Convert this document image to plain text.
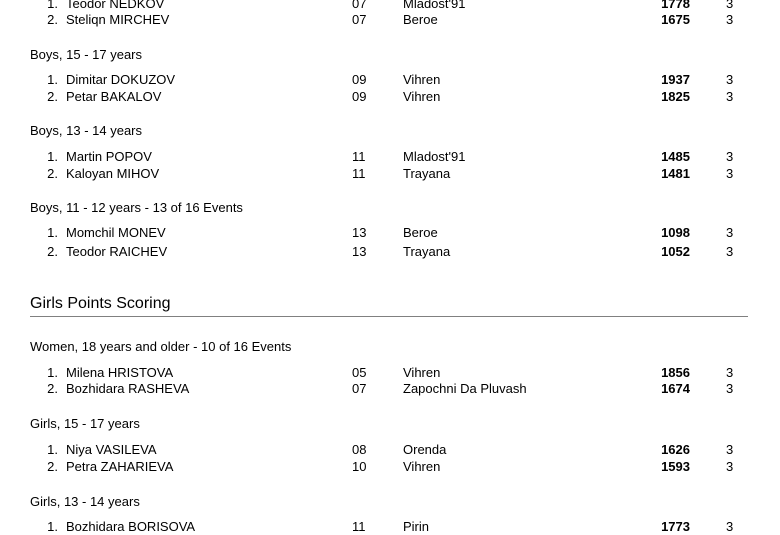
1. Teodor NEDKOV	07	Mladost'91	1778	3
2. Steliqn MIRCHEV	07	Beroe	1675	3
Boys, 15 - 17 years
1. Dimitar DOKUZOV	09	Vihren	1937	3
2. Petar BAKALOV	09	Vihren	1825	3
Boys, 13 - 14 years
1. Martin POPOV	11	Mladost'91	1485	3
2. Kaloyan MIHOV	11	Trayana	1481	3
Boys, 11 - 12 years - 13 of 16 Events
1. Momchil MONEV	13	Beroe	1098	3
2. Teodor RAICHEV	13	Trayana	1052	3
Girls Points Scoring
Women, 18 years and older - 10 of 16 Events
1. Milena HRISTOVA	05	Vihren	1856	3
2. Bozhidara RASHEVA	07	Zapochni Da Pluvash	1674	3
Girls, 15 - 17 years
1. Niya VASILEVA	08	Orenda	1626	3
2. Petra ZAHARIEVA	10	Vihren	1593	3
Girls, 13 - 14 years
1. Bozhidara BORISOVA	11	Pirin	1773	3
